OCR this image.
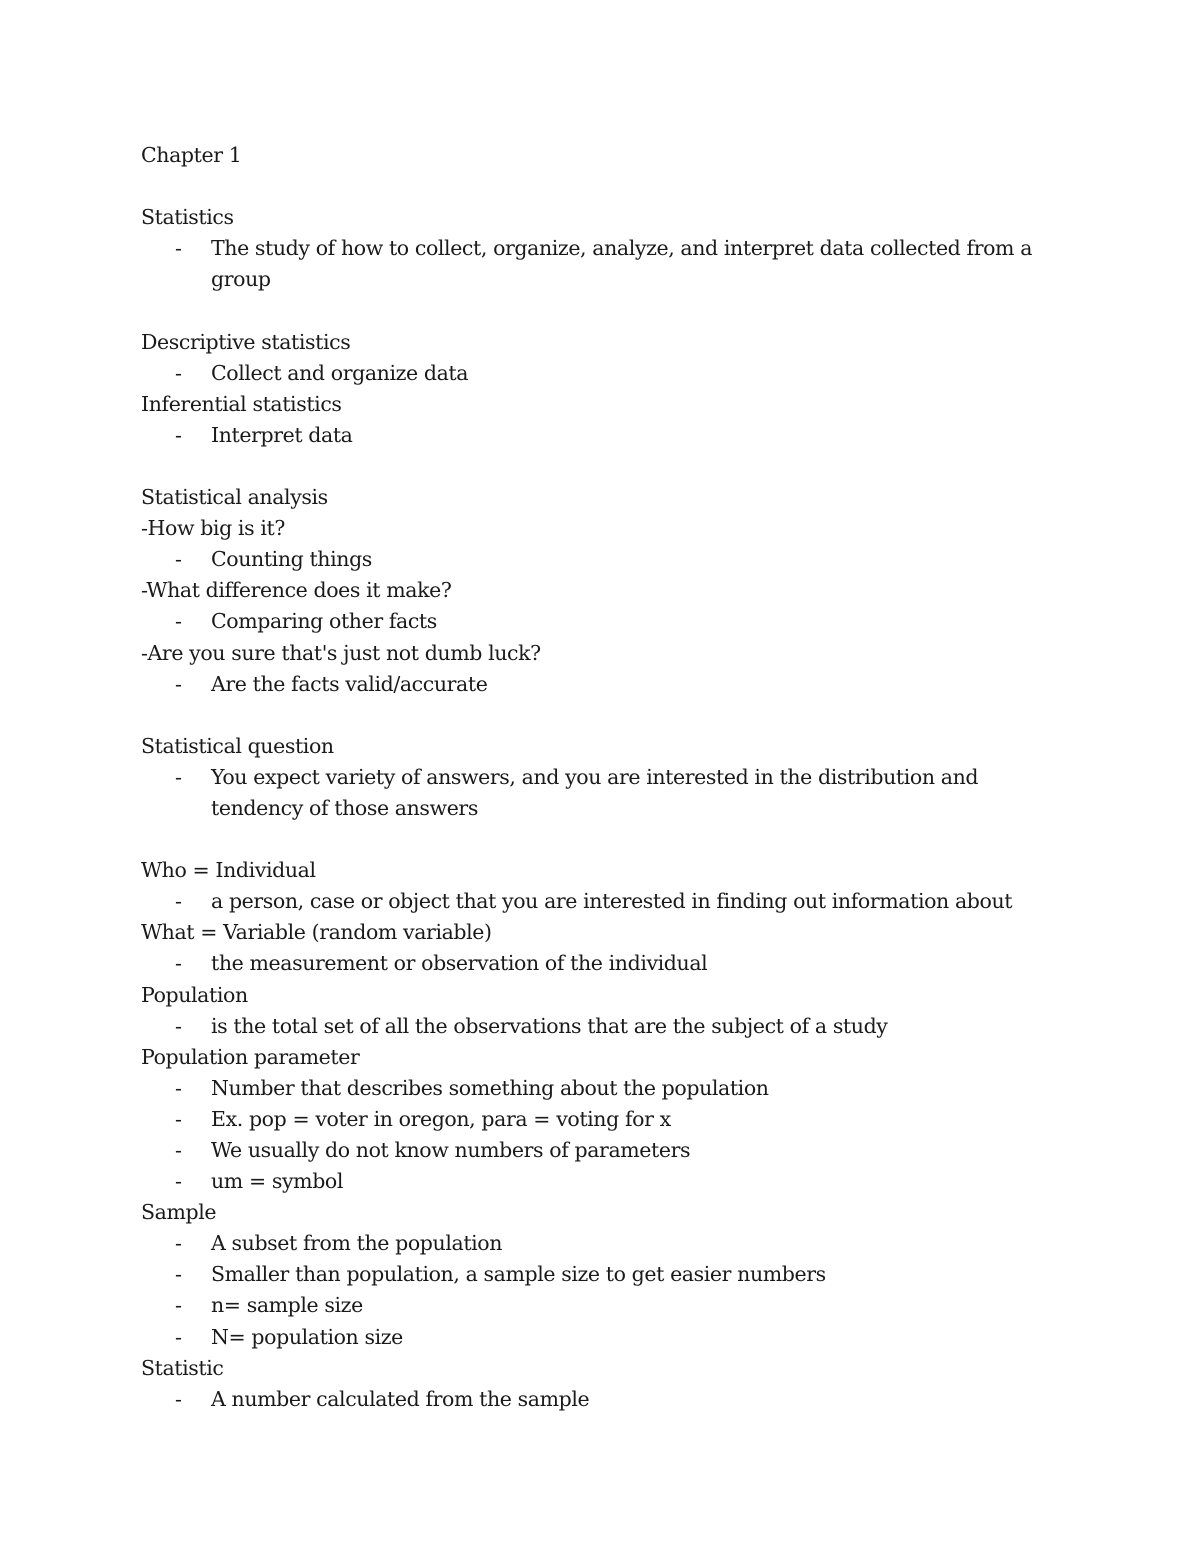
Chapter 1
Statistics
-	The study of how to collect, organize, analyze, and interpret data collected from a group
Descriptive statistics
-	Collect and organize data
Inferential statistics
-	Interpret data
Statistical analysis
-How big is it?
-	Counting things
-What difference does it make?
-	Comparing other facts
-Are you sure that's just not dumb luck?
-	Are the facts valid/accurate
Statistical question
-	You expect variety of answers, and you are interested in the distribution and tendency of those answers
Who = Individual
-	a person, case or object that you are interested in finding out information about
What = Variable (random variable)
-	the measurement or observation of the individual
Population
-	is the total set of all the observations that are the subject of a study
Population parameter
-	Number that describes something about the population
-	Ex. pop = voter in oregon, para = voting for x
-	We usually do not know numbers of parameters
-	um = symbol
Sample
-	A subset from the population
-	Smaller than population, a sample size to get easier numbers
-	n= sample size
-	N= population size
Statistic
-	A number calculated from the sample
